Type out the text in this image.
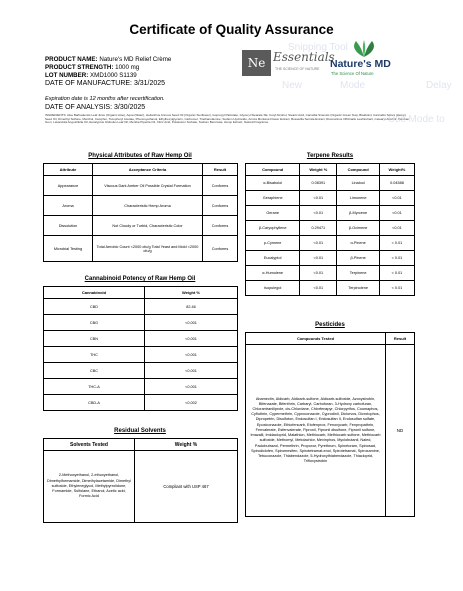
Certificate of Quality Assurance
PRODUCT NAME: Nature's MD Relief Crème
PRODUCT STRENGTH: 1000 mg
LOT NUMBER: XMD1000 S1139
DATE OF MANUFACTURE: 3/31/2025
Expiration date is 12 months after recertification.
DATE OF ANALYSIS: 3/30/2025
INGREDIENTS: Aloe Barbadensis Leaf Juice (Organic Aloe), Aqua (Water), Helianthus Annuus Seed Oil (Organic Sunflower), Isopropyl Palmitate, Glyceryl Stearate SE, Cetyl Alcohol, Stearic Acid, Camellia Sinensis (Organic Green Tea), Bisabolol, Cannabis Sativa (Hemp) Seed Oil, Dimethyl Sulfone, Menthol, Camphor, Tocopheryl Acetate, Phenoxyethanol, Ethylhexylglycerin, Carbomer, Triethanolamine, Sodium Hydroxide, Arnica Montana Flower Extract, Boswellia Serrata Extract, Rosmarinus Officinalis Leaf Extract, Cetearyl Alcohol, Xanthan Gum, Lavandula Angustifolia Oil, Eucalyptus Globulus Leaf Oil, Mentha Piperita Oil, Citric Acid, Potassium Sorbate, Sodium Benzoate, Hemp Extract, Natural Fragrance.
Snipping Tool
New	Mode	Delay
Use Mode to
Ne Essentials
THE SCIENCE OF NATURE Nature's MD
The Science Of Nature
Physical Attributes of Raw Hemp Oil
Attribute	Acceptance Criteria	Result
Appearance	Viscous Dark Amber Oil Possible Crystal Formation	Conforms
Aroma	Characteristic Hemp Aroma	Conforms
Dissolution	Not Cloudy or Turbid, Characteristic Color	Conforms
Microbial Testing	Total Aerobic Count <2000 cfu/g Total Yeast and Mold <2000 cfu/g	Conforms
Terpene Results
Compound	Weight %	Compound	Weight%
α-Bisabolol	0.08391	Linalool	0.04588
Geraphiene	<0.01	Limonene	<0.01
Gerane	<0.01	β-Myrcene	<0.01
β-Caryophyllene	0.29471	β-Ocimene	<0.01
p-Cymene	<0.01	α-Pinene	< 0.01
Eucalyptol	<0.01	β-Pinene	< 0.01
α-Humulene	<0.01	Terpinene	< 0.01
Isopulegol	<0.01	Terpinolene	< 0.01
Cannabinoid Potency of Raw Hemp Oil
Cannabinoid	Weight %
CBD	82.46
CBG	<0.001
CBN	<0.001
THC	<0.001
CBC	<0.001
THC-A	<0.001
CBD-A	<0.002
Residual Solvents
Solvents Tested	Weight %
2-Methoxyethanol, 2-ethoxyethanol, Dimethylformamide, Dimethylacetamide, Dimethyl sulfoxide, Ethyleneglycol, Methylpyrrolidone, Formamide, Sulfolane, Ethanol, Acetic acid, Formic Acid	Compliant with USP 467
Pesticides
Compounds Tested	Result
Abamectin, Aldicarb, Aldicarb-sulfone, Aldicarb-sulfoxide, Azoxystrobin, Bifenazate, Bifenthrin, Carbaryl, Carbofuran, 3-Hydroxy carbofuran, Chlorantraniliprole, cis-Chlordane, Chlorfenapyr, Chlorpyrifos, Coumaphos, Cyfluthrin, Cypermethrin, Cyproconazole, Cyprodinil, Diclorvos, Dicrotophos, Dipropetrin, Disulfoton, Endosulfan I, Endosulfan II, Endosulfan sulfate, Epoxiconazole, Ethiofencarb, Etofenprox, Fenoxycarb, Fenpropathrin, Fenvalerate, Esfenvalerate, Fipronil, Fipronil disulfone, Fipronil sulfone, Imazalil, Imidacloprid, Malathion, Methiocarb, Methiocarb sulfone, Methiocarb sulfoxide, Methomyl, Metolachlor, Mevinphos, Myclobutanil, Naled, Paclobutrazol, Permethrin, Propoxur, Pyrethrum, Spinetoram, Spinosad, Spirodiclofen, Spiromesifen, Spirotetramat-enol, Spirotetramat, Spiroxamine, Tebuconazole, Thiabendazole, 5-Hydroxythiabendazole, Thiacloprid, Trifloxystrobin	ND
